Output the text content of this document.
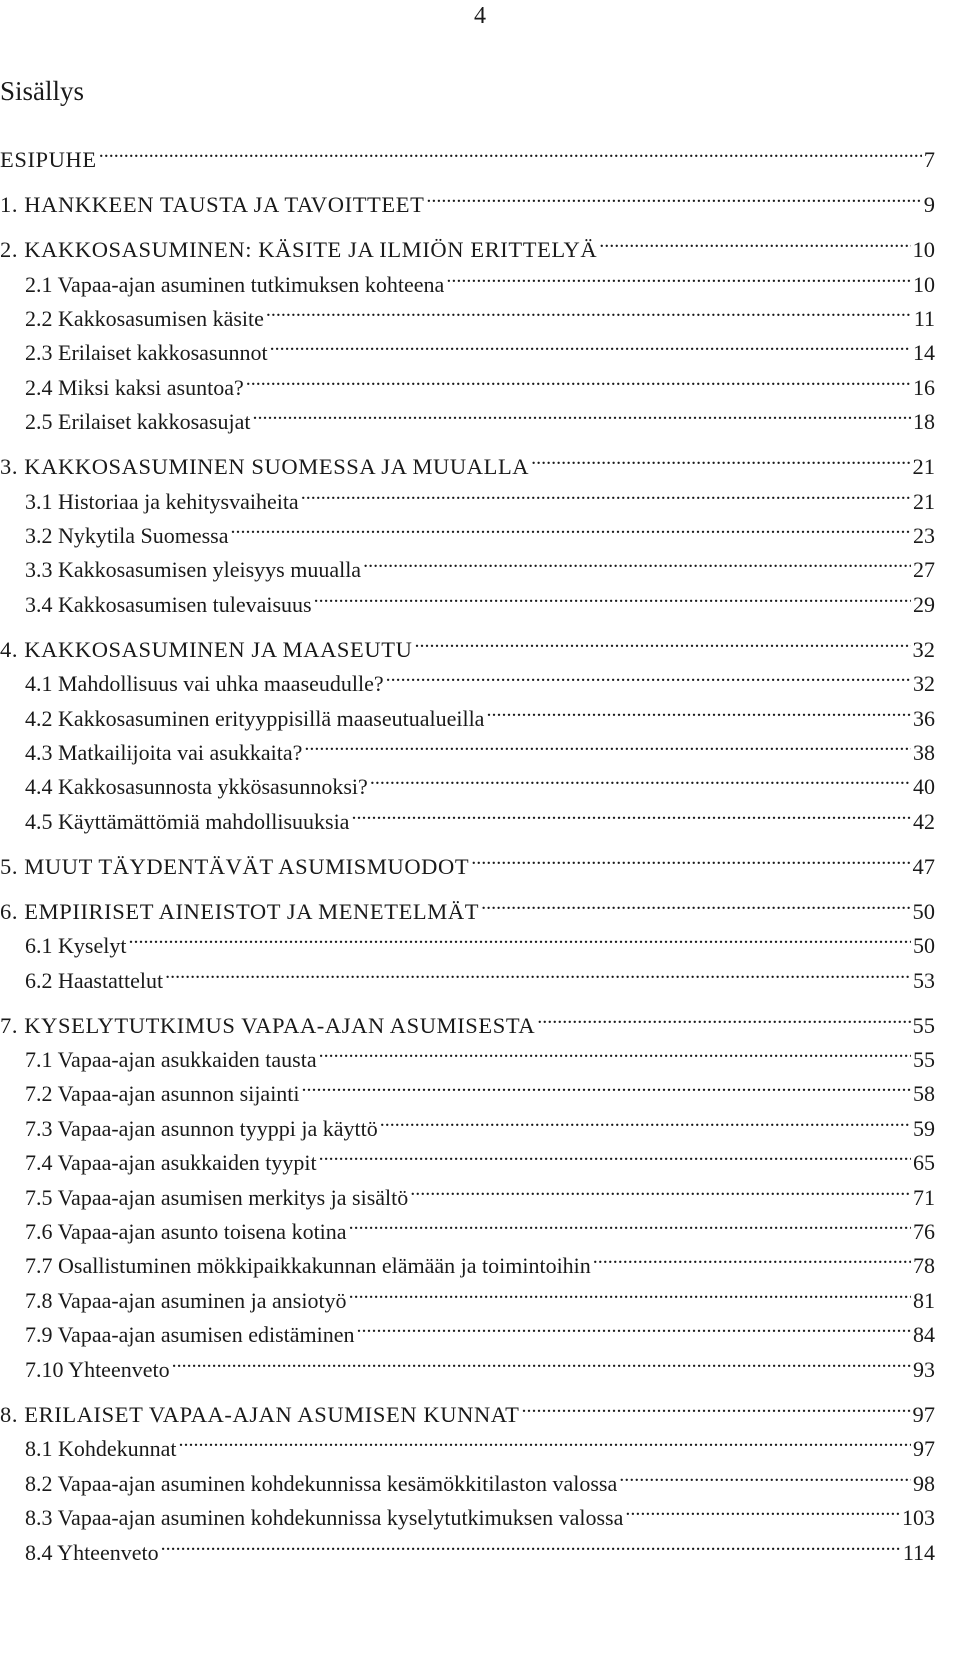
4
Sisällys
ESIPUHE .....	7
1. HANKKEEN TAUSTA JA TAVOITTEET .....	9
2. KAKKOSASUMINEN: KÄSITE JA ILMIÖN ERITTELYÄ .....	10
2.1 Vapaa-ajan asuminen tutkimuksen kohteena .....	10
2.2 Kakkosasumisen käsite .....	11
2.3 Erilaiset kakkosasunnot .....	14
2.4 Miksi kaksi asuntoa? .....	16
2.5 Erilaiset kakkosasujat .....	18
3. KAKKOSASUMINEN SUOMESSA JA MUUALLA .....	21
3.1 Historiaa ja kehitysvaiheita .....	21
3.2 Nykytila Suomessa .....	23
3.3 Kakkosasumisen yleisyys muualla .....	27
3.4 Kakkosasumisen tulevaisuus .....	29
4. KAKKOSASUMINEN JA MAASEUTU .....	32
4.1 Mahdollisuus vai uhka maaseudulle? .....	32
4.2 Kakkosasuminen erityyppisillä maaseutualueilla .....	36
4.3 Matkailijoita vai asukkaita? .....	38
4.4 Kakkosasunnosta ykkösasunnoksi? .....	40
4.5 Käyttämättömiä mahdollisuuksia .....	42
5. MUUT TÄYDENTÄVÄT ASUMISMUODOT .....	47
6. EMPIIRISET AINEISTOT JA MENETELMÄT .....	50
6.1 Kyselyt .....	50
6.2 Haastattelut .....	53
7. KYSELYTUTKIMUS VAPAA-AJAN ASUMISESTA .....	55
7.1 Vapaa-ajan asukkaiden tausta .....	55
7.2 Vapaa-ajan asunnon sijainti .....	58
7.3 Vapaa-ajan asunnon tyyppi ja käyttö .....	59
7.4 Vapaa-ajan asukkaiden tyypit .....	65
7.5 Vapaa-ajan asumisen merkitys ja sisältö .....	71
7.6 Vapaa-ajan asunto toisena kotina .....	76
7.7 Osallistuminen mökkipaikkakunnan elämään ja toimintoihin .....	78
7.8 Vapaa-ajan asuminen ja ansiotyö .....	81
7.9 Vapaa-ajan asumisen edistäminen .....	84
7.10 Yhteenveto .....	93
8. ERILAISET VAPAA-AJAN ASUMISEN KUNNAT .....	97
8.1 Kohdekunnat .....	97
8.2 Vapaa-ajan asuminen kohdekunnissa kesämökkitilaston valossa .....	98
8.3 Vapaa-ajan asuminen kohdekunnissa kyselytutkimuksen valossa .....	103
8.4 Yhteenveto .....	114
